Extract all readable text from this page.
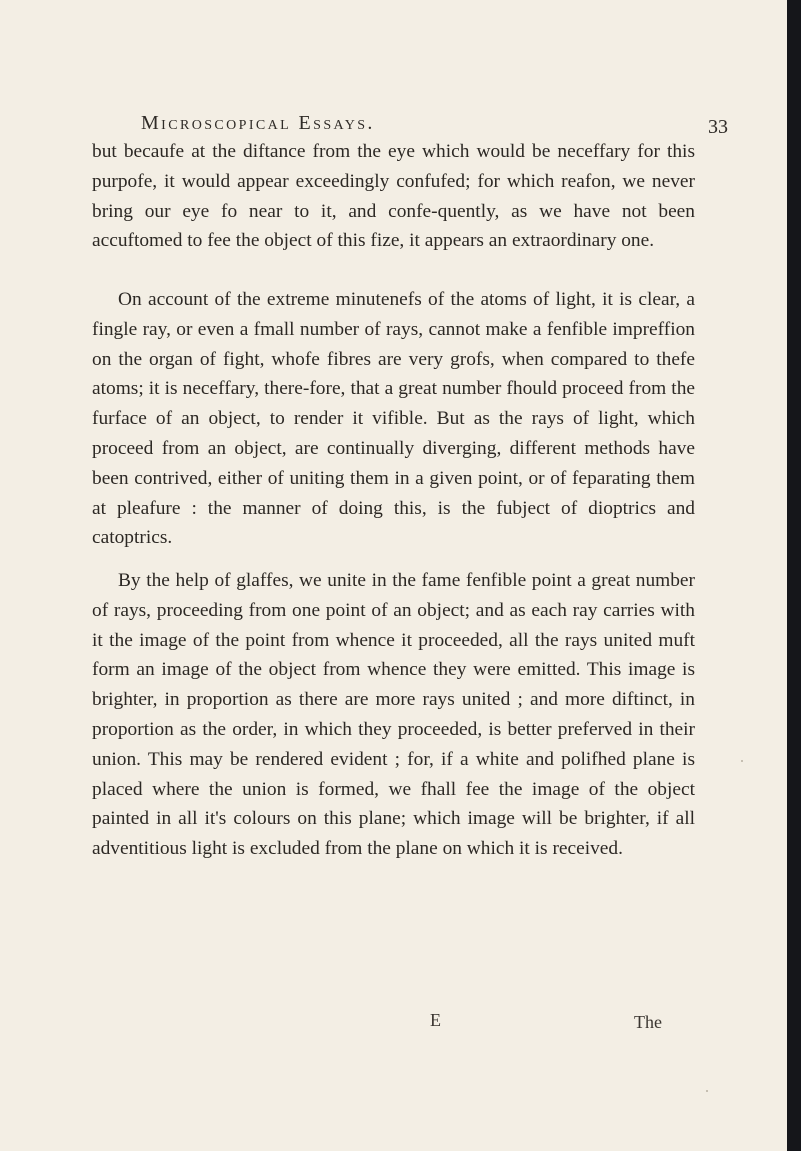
Microscopical Essays.	33

but becaufe at the diftance from the eye which would be neceffary for this purpofe, it would appear exceedingly confufed; for which reafon, we never bring our eye fo near to it, and confe-quently, as we have not been accuftomed to fee the object of this fize, it appears an extraordinary one.

On account of the extreme minutenefs of the atoms of light, it is clear, a fingle ray, or even a fmall number of rays, cannot make a fenfible impreffion on the organ of fight, whofe fibres are very grofs, when compared to thefe atoms; it is neceffary, there-fore, that a great number fhould proceed from the furface of an object, to render it vifible. But as the rays of light, which proceed from an object, are continually diverging, different methods have been contrived, either of uniting them in a given point, or of feparating them at pleafure : the manner of doing this, is the fubject of dioptrics and catoptrics.

By the help of glaffes, we unite in the fame fenfible point a great number of rays, proceeding from one point of an object; and as each ray carries with it the image of the point from whence it proceeded, all the rays united muft form an image of the object from whence they were emitted. This image is brighter, in proportion as there are more rays united ; and more diftinct, in proportion as the order, in which they proceeded, is better preferved in their union. This may be rendered evident ; for, if a white and polifhed plane is placed where the union is formed, we fhall fee the image of the object painted in all it's colours on this plane; which image will be brighter, if all adventitious light is excluded from the plane on which it is received.

E	The
